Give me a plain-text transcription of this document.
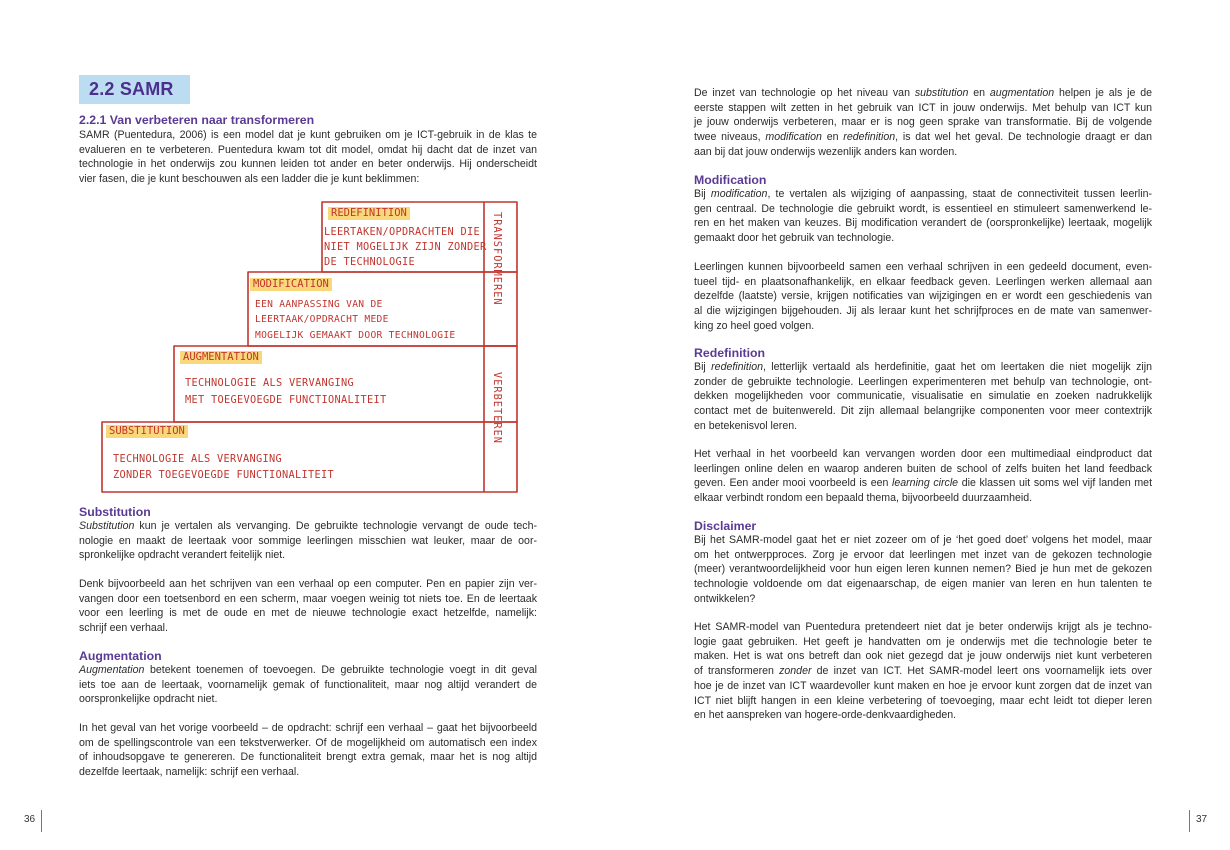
2.2 SAMR
2.2.1 Van verbeteren naar transformeren
SAMR (Puentedura, 2006) is een model dat je kunt gebruiken om je ICT-gebruik in de klas te
evalueren en te verbeteren. Puentedura kwam tot dit model, omdat hij dacht dat de inzet van
technologie in het onderwijs zou kunnen leiden tot ander en beter onderwijs. Hij onderscheidt
vier fasen, die je kunt beschouwen als een ladder die je kunt beklimmen:
REDEFINITION
LEERTAKEN/OPDRACHTEN DIE
NIET MOGELIJK ZIJN ZONDER
DE TECHNOLOGIE
MODIFICATION
EEN AANPASSING VAN DE
LEERTAAK/OPDRACHT MEDE
MOGELIJK GEMAAKT DOOR TECHNOLOGIE
AUGMENTATION
TECHNOLOGIE ALS VERVANGING
MET TOEGEVOEGDE FUNCTIONALITEIT
SUBSTITUTION
TECHNOLOGIE ALS VERVANGING
ZONDER TOEGEVOEGDE FUNCTIONALITEIT
TRANSFORMEREN
VERBETEREN
Substitution
Substitution kun je vertalen als vervanging. De gebruikte technologie vervangt de oude tech-
nologie en maakt de leertaak voor sommige leerlingen misschien wat leuker, maar de oor-
spronkelijke opdracht verandert feitelijk niet.
Denk bijvoorbeeld aan het schrijven van een verhaal op een computer. Pen en papier zijn ver-
vangen door een toetsenbord en een scherm, maar voegen weinig tot niets toe. En de leertaak
voor een leerling is met de oude en met de nieuwe technologie exact hetzelfde, namelijk:
schrijf een verhaal.
Augmentation
Augmentation betekent toenemen of toevoegen. De gebruikte technologie voegt in dit geval
iets toe aan de leertaak, voornamelijk gemak of functionaliteit, maar nog altijd verandert de
oorspronkelijke opdracht niet.
In het geval van het vorige voorbeeld – de opdracht: schrijf een verhaal – gaat het bijvoorbeeld
om de spellingscontrole van een tekstverwerker. Of de mogelijkheid om automatisch een index
of inhoudsopgave te genereren. De functionaliteit brengt extra gemak, maar het is nog altijd
dezelfde leertaak, namelijk: schrijf een verhaal.
36
De inzet van technologie op het niveau van substitution en augmentation helpen je als je de
eerste stappen wilt zetten in het gebruik van ICT in jouw onderwijs. Met behulp van ICT kun
je jouw onderwijs verbeteren, maar er is nog geen sprake van transformatie. Bij de volgende
twee niveaus, modification en redefinition, is dat wel het geval. De technologie draagt er dan
aan bij dat jouw onderwijs wezenlijk anders kan worden.
Modification
Bij modification, te vertalen als wijziging of aanpassing, staat de connectiviteit tussen leerlin-
gen centraal. De technologie die gebruikt wordt, is essentieel en stimuleert samenwerkend le-
ren en het maken van keuzes. Bij modification verandert de (oorspronkelijke) leertaak, mogelijk
gemaakt door het gebruik van technologie.
Leerlingen kunnen bijvoorbeeld samen een verhaal schrijven in een gedeeld document, even-
tueel tijd- en plaatsonafhankelijk, en elkaar feedback geven. Leerlingen werken allemaal aan
dezelfde (laatste) versie, krijgen notificaties van wijzigingen en er wordt een geschiedenis van
al die wijzigingen bijgehouden. Jij als leraar kunt het schrijfproces en de mate van samenwer-
king zo heel goed volgen.
Redefinition
Bij redefinition, letterlijk vertaald als herdefinitie, gaat het om leertaken die niet mogelijk zijn
zonder de gebruikte technologie. Leerlingen experimenteren met behulp van technologie, ont-
dekken mogelijkheden voor communicatie, visualisatie en simulatie en zoeken nadrukkelijk
contact met de buitenwereld. Dit zijn allemaal belangrijke componenten voor meer contextrijk
en betekenisvol leren.
Het verhaal in het voorbeeld kan vervangen worden door een multimediaal eindproduct dat
leerlingen online delen en waarop anderen buiten de school of zelfs buiten het land feedback
geven. Een ander mooi voorbeeld is een learning circle die klassen uit soms wel vijf landen met
elkaar verbindt rondom een bepaald thema, bijvoorbeeld duurzaamheid.
Disclaimer
Bij het SAMR-model gaat het er niet zozeer om of je ‘het goed doet’ volgens het model, maar
om het ontwerpproces. Zorg je ervoor dat leerlingen met inzet van de gekozen technologie
(meer) verantwoordelijkheid voor hun eigen leren kunnen nemen? Bied je hun met de gekozen
technologie voldoende om dat eigenaarschap, de eigen manier van leren en hun talenten te
ontwikkelen?
Het SAMR-model van Puentedura pretendeert niet dat je beter onderwijs krijgt als je techno-
logie gaat gebruiken. Het geeft je handvatten om je onderwijs met die technologie beter te
maken. Het is wat ons betreft dan ook niet gezegd dat je jouw onderwijs niet kunt verbeteren
of transformeren zonder de inzet van ICT. Het SAMR-model leert ons voornamelijk iets over
hoe je de inzet van ICT waardevoller kunt maken en hoe je ervoor kunt zorgen dat de inzet van
ICT niet blijft hangen in een kleine verbetering of toevoeging, maar echt leidt tot dieper leren
en het aanspreken van hogere-orde-denkvaardigheden.
37
